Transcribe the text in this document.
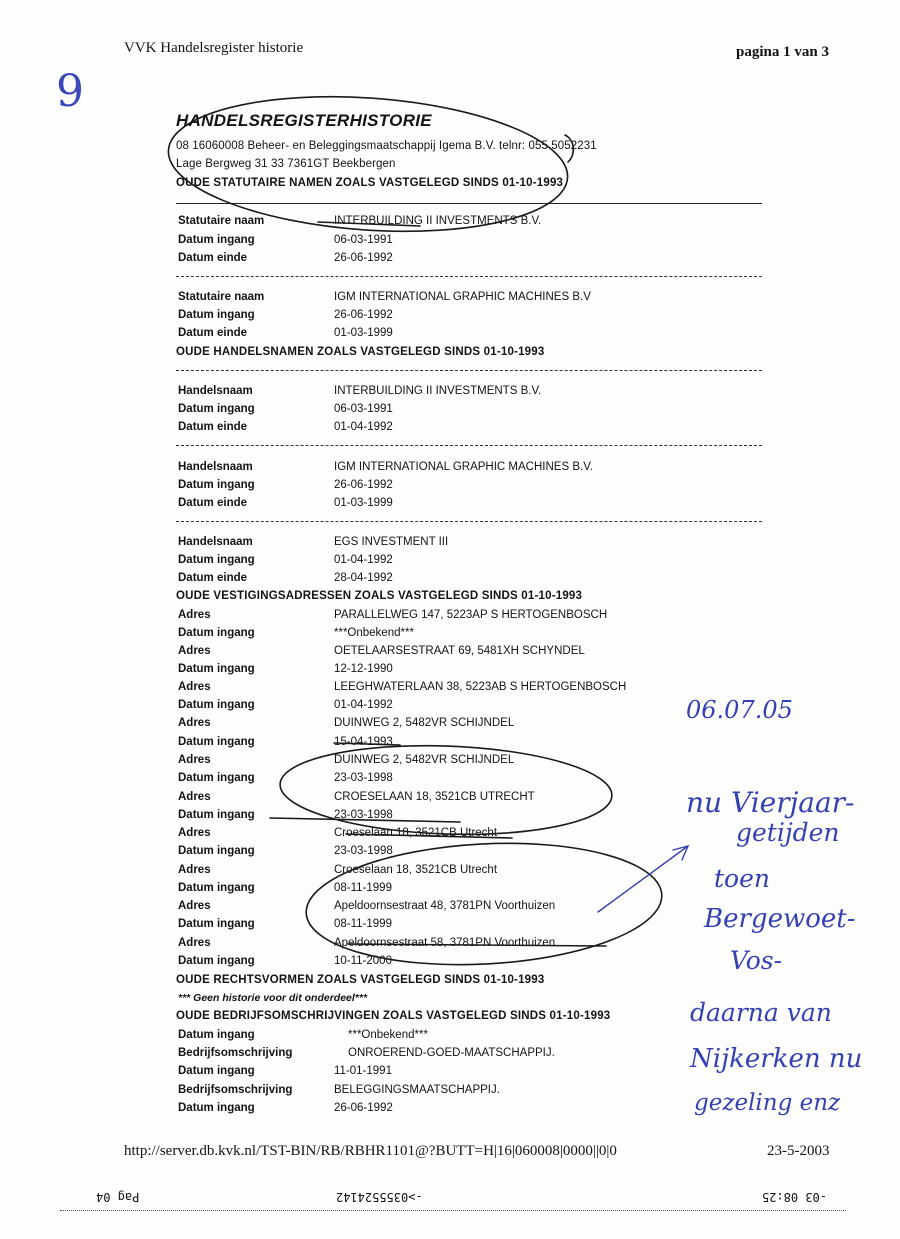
VVK Handelsregister historie	pagina 1 van 3
9
HANDELSREGISTERHISTORIE
08 16060008 Beheer- en Beleggingsmaatschappij Igema B.V. telnr: 055 5052231
Lage Bergweg 31 33 7361GT Beekbergen
OUDE STATUTAIRE NAMEN ZOALS VASTGELEGD SINDS 01-10-1993
Statutaire naam	INTERBUILDING II INVESTMENTS B.V.
Datum ingang	06-03-1991
Datum einde	26-06-1992
Statutaire naam	IGM INTERNATIONAL GRAPHIC MACHINES B.V
Datum ingang	26-06-1992
Datum einde	01-03-1999
OUDE HANDELSNAMEN ZOALS VASTGELEGD SINDS 01-10-1993
Handelsnaam	INTERBUILDING II INVESTMENTS B.V.
Datum ingang	06-03-1991
Datum einde	01-04-1992
Handelsnaam	IGM INTERNATIONAL GRAPHIC MACHINES B.V.
Datum ingang	26-06-1992
Datum einde	01-03-1999
Handelsnaam	EGS INVESTMENT III
Datum ingang	01-04-1992
Datum einde	28-04-1992
OUDE VESTIGINGSADRESSEN ZOALS VASTGELEGD SINDS 01-10-1993
Adres	PARALLELWEG 147, 5223AP S HERTOGENBOSCH
Datum ingang	***Onbekend***
Adres	OETELAARSESTRAAT 69, 5481XH SCHYNDEL
Datum ingang	12-12-1990
Adres	LEEGHWATERLAAN 38, 5223AB S HERTOGENBOSCH
Datum ingang	01-04-1992
Adres	DUINWEG 2, 5482VR SCHIJNDEL
Datum ingang	15-04-1993
Adres	DUINWEG 2, 5482VR SCHIJNDEL
Datum ingang	23-03-1998
Adres	CROESELAAN 18, 3521CB UTRECHT
Datum ingang	23-03-1998
Adres	Croeselaan 18, 3521CB Utrecht
Datum ingang	23-03-1998
Adres	Croeselaan 18, 3521CB Utrecht
Datum ingang	08-11-1999
Adres	Apeldoornsestraat 48, 3781PN Voorthuizen
Datum ingang	08-11-1999
Adres	Apeldoornsestraat 58, 3781PN Voorthuizen
Datum ingang	10-11-2000
OUDE RECHTSVORMEN ZOALS VASTGELEGD SINDS 01-10-1993
*** Geen historie voor dit onderdeel***
OUDE BEDRIJFSOMSCHRIJVINGEN ZOALS VASTGELEGD SINDS 01-10-1993
Datum ingang	***Onbekend***
Bedrijfsomschrijving	ONROEREND-GOED-MAATSCHAPPIJ.
Datum ingang	11-01-1991
Bedrijfsomschrijving	BELEGGINGSMAATSCHAPPIJ.
Datum ingang	26-06-1992
http://server.db.kvk.nl/TST-BIN/RB/RBHR1101@?BUTT=H|16|060008|0000||0|0	23-5-2003
Pag 04	->0355524142	-03 08:25
06.07.05
nu Vierjaar-
getijden
toen
Bergewoet-
Vos-
daarna van
Nijkerken nu
gezeling enz
